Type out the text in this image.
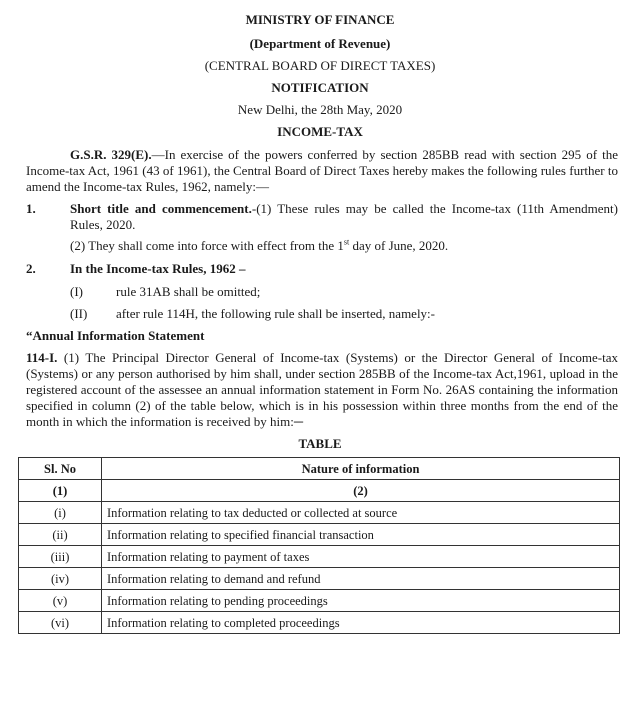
MINISTRY OF FINANCE
(Department of Revenue)
(CENTRAL BOARD OF DIRECT TAXES)
NOTIFICATION
New Delhi, the 28th May, 2020
INCOME-TAX
G.S.R. 329(E).—In exercise of the powers conferred by section 285BB read with section 295 of the Income-tax Act, 1961 (43 of 1961), the Central Board of Direct Taxes hereby makes the following rules further to amend the Income-tax Rules, 1962, namely:—
1.	Short title and commencement.-(1) These rules may be called the Income-tax (11th Amendment) Rules, 2020.
(2) They shall come into force with effect from the 1st day of June, 2020.
2.	In the Income-tax Rules, 1962 –
(I)	rule 31AB shall be omitted;
(II) after rule 114H, the following rule shall be inserted, namely:-
“Annual Information Statement
114-I. (1) The Principal Director General of Income-tax (Systems) or the Director General of Income-tax (Systems) or any person authorised by him shall, under section 285BB of the Income-tax Act,1961, upload in the registered account of the assessee an annual information statement in Form No. 26AS containing the information specified in column (2) of the table below, which is in his possession within three months from the end of the month in which the information is received by him:─
TABLE
Sl. No	Nature of information
(1)	(2)
(i)	Information relating to tax deducted or collected at source
(ii)	Information relating to specified financial transaction
(iii)	Information relating to payment of taxes
(iv)	Information relating to demand and refund
(v)	Information relating to pending proceedings
(vi)	Information relating to completed proceedings
